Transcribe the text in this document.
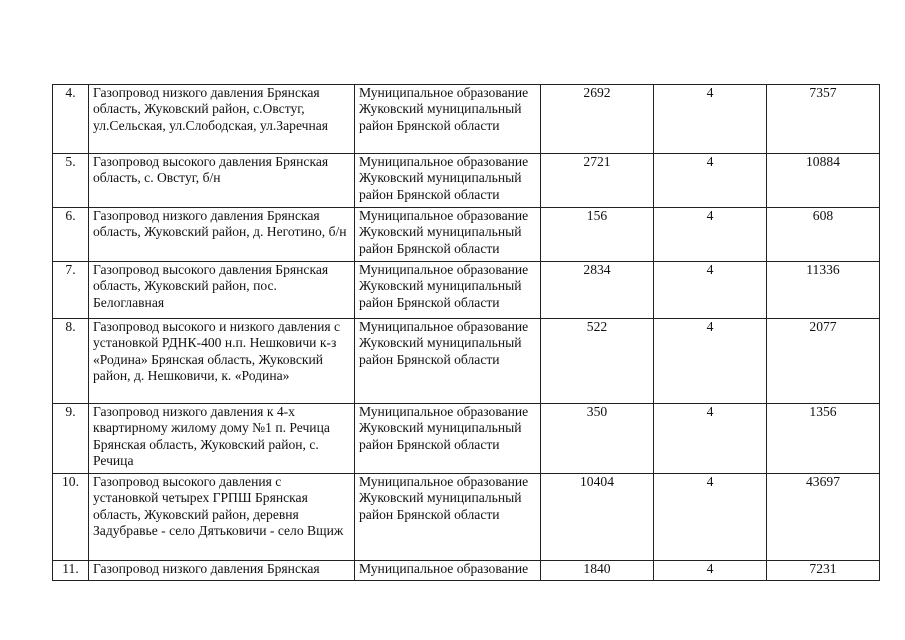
4.	Газопровод низкого давления Брянская область, Жуковский район, с.Овстуг, ул.Сельская, ул.Слободская, ул.Заречная	Муниципальное образование Жуковский муниципальный район Брянской области	2692	4	7357
5.	Газопровод высокого давления Брянская область, с. Овстуг, б/н	Муниципальное образование Жуковский муниципальный район Брянской области	2721	4	10884
6.	Газопровод низкого давления Брянская область, Жуковский район, д. Неготино, б/н	Муниципальное образование Жуковский муниципальный район Брянской области	156	4	608
7.	Газопровод высокого давления Брянская область, Жуковский район, пос. Белоглавная	Муниципальное образование Жуковский муниципальный район Брянской области	2834	4	11336
8.	Газопровод высокого и низкого давления с установкой РДНК-400 н.п. Нешковичи к-з «Родина» Брянская область, Жуковский район, д. Нешковичи, к. «Родина»	Муниципальное образование Жуковский муниципальный район Брянской области	522	4	2077
9.	Газопровод низкого давления к 4-х квартирному жилому дому №1 п. Речица Брянская область, Жуковский район, с. Речица	Муниципальное образование Жуковский муниципальный район Брянской области	350	4	1356
10.	Газопровод высокого давления с установкой четырех ГРПШ Брянская область, Жуковский район, деревня Задубравье - село Дятьковичи - село Вщиж	Муниципальное образование Жуковский муниципальный район Брянской области	10404	4	43697
11.	Газопровод низкого давления Брянская	Муниципальное образование	1840	4	7231
